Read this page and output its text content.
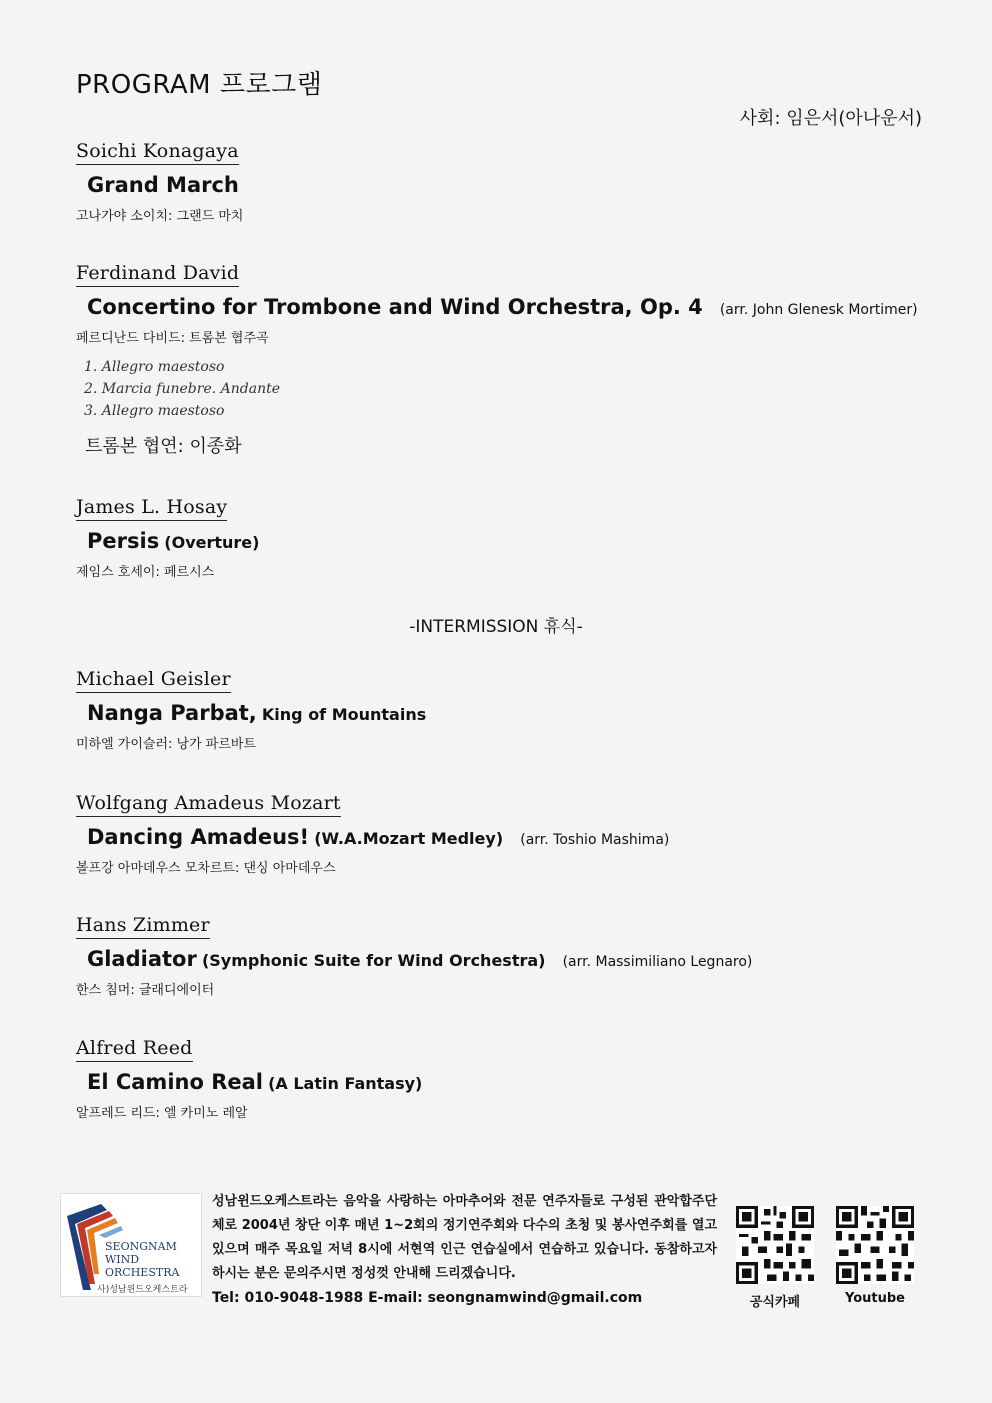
PROGRAM 프로그램
사회: 임은서(아나운서)
Soichi Konagaya
Grand March
고나가야 소이치: 그랜드 마치
Ferdinand David
Concertino for Trombone and Wind Orchestra, Op. 4 (arr. John Glenesk Mortimer)
페르디난드 다비드: 트롬본 협주곡
1. Allegro maestoso
2. Marcia funebre. Andante
3. Allegro maestoso
트롬본 협연: 이종화
James L. Hosay
Persis (Overture)
제임스 호세이: 페르시스
-INTERMISSION 휴식-
Michael Geisler
Nanga Parbat, King of Mountains
미하엘 가이슬러: 낭가 파르바트
Wolfgang Amadeus Mozart
Dancing Amadeus! (W.A.Mozart Medley) (arr. Toshio Mashima)
볼프강 아마데우스 모차르트: 댄싱 아마데우스
Hans Zimmer
Gladiator (Symphonic Suite for Wind Orchestra) (arr. Massimiliano Legnaro)
한스 침머: 글래디에이터
Alfred Reed
El Camino Real (A Latin Fantasy)
알프레드 리드: 엘 카미노 레알
SEONGNAM
WIND
ORCHESTRA
사)성남윈드오케스트라
성남윈드오케스트라는 음악을 사랑하는 아마추어와 전문 연주자들로 구성된 관악합주단체로 2004년 창단 이후 매년 1~2회의 정기연주회와 다수의 초청 및 봉사연주회를 열고 있으며 매주 목요일 저녁 8시에 서현역 인근 연습실에서 연습하고 있습니다. 동참하고자 하시는 분은 문의주시면 정성껏 안내해 드리겠습니다.
Tel: 010-9048-1988 E-mail: seongnamwind@gmail.com	공식카페	Youtube
